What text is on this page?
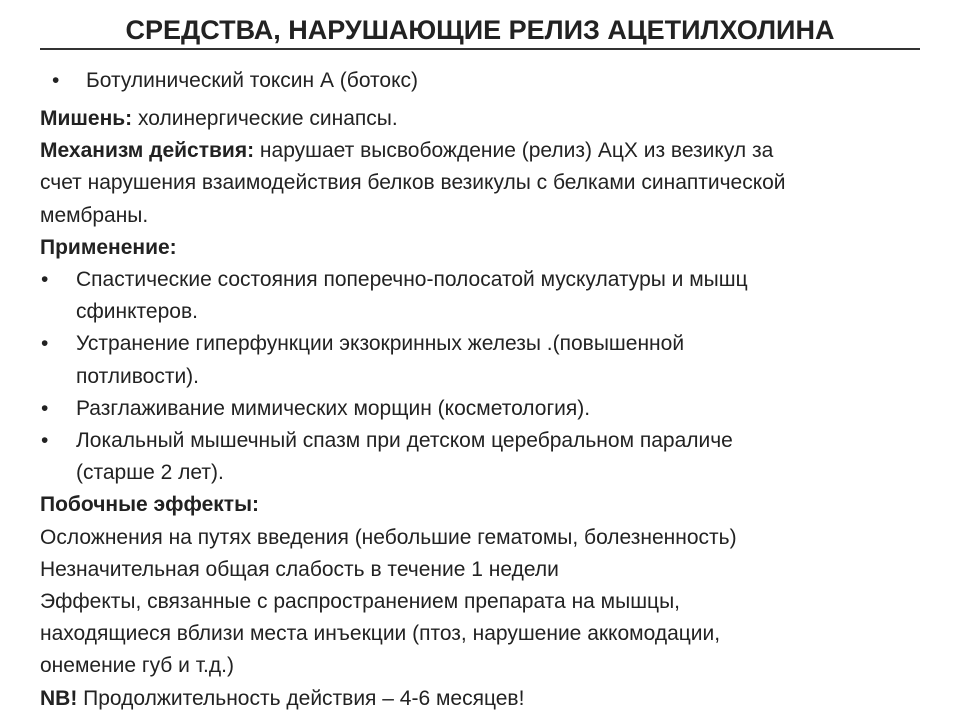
СРЕДСТВА, НАРУШАЮЩИЕ РЕЛИЗ АЦЕТИЛХОЛИНА
• Ботулинический токсин А (ботокс)
Мишень: холинергические синапсы.
Механизм действия: нарушает высвобождение (релиз) АцХ из везикул за
счет нарушения взаимодействия белков везикулы с белками синаптической
мембраны.
Применение:
• Спастические состояния поперечно-полосатой мускулатуры и мышц
сфинктеров.
• Устранение гиперфункции экзокринных железы .(повышенной
потливости).
• Разглаживание мимических морщин (косметология).
• Локальный мышечный спазм при детском церебральном параличе
(старше 2 лет).
Побочные эффекты:
Осложнения на путях введения (небольшие гематомы, болезненность)
Незначительная общая слабость в течение 1 недели
Эффекты, связанные с распространением препарата на мышцы,
находящиеся вблизи места инъекции (птоз, нарушение аккомодации,
онемение губ и т.д.)
NB! Продолжительность действия – 4-6 месяцев!
